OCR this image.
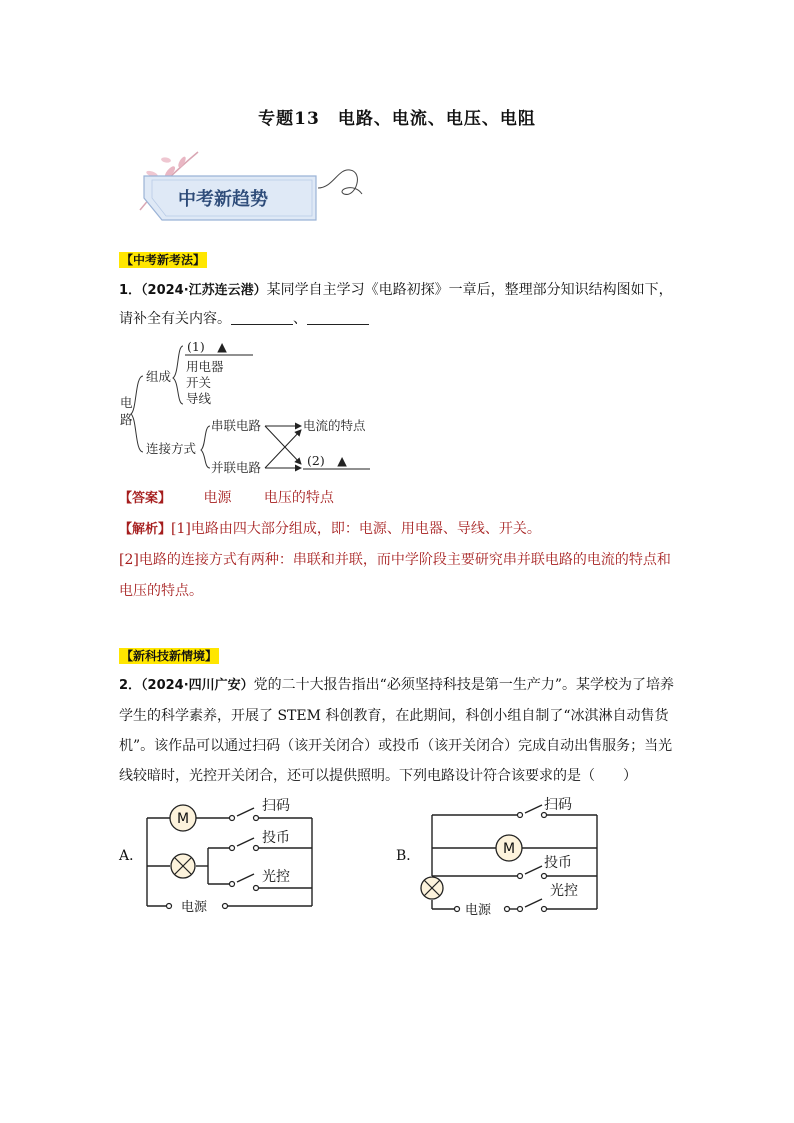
专题13　电路、电流、电压、电阻
中考新趋势
【中考新考法】
1．（2024·江苏连云港）某同学自主学习《电路初探》一章后，整理部分知识结构图如下，
请补全有关内容。	、
电
路
组成
连接方式
(1)　▲
用电器
开关
导线
串联电路
并联电路
电流的特点
(2)　▲
【答案】 电源 电压的特点
【解析】[1]电路由四大部分组成，即：电源、用电器、导线、开关。
[2]电路的连接方式有两种：串联和并联，而中学阶段主要研究串并联电路的电流的特点和
电压的特点。
【新科技新情境】
2．（2024·四川广安）党的二十大报告指出“必须坚持科技是第一生产力”。某学校为了培养
学生的科学素养，开展了 STEM 科创教育，在此期间，科创小组自制了“冰淇淋自动售货
机”。该作品可以通过扫码（该开关闭合）或投币（该开关闭合）完成自动出售服务；当光
线较暗时，光控开关闭合，还可以提供照明。下列电路设计符合该要求的是（　　）
A．
M
扫码
投币
光控
电源
B．	M
扫码
投币
光控
电源
